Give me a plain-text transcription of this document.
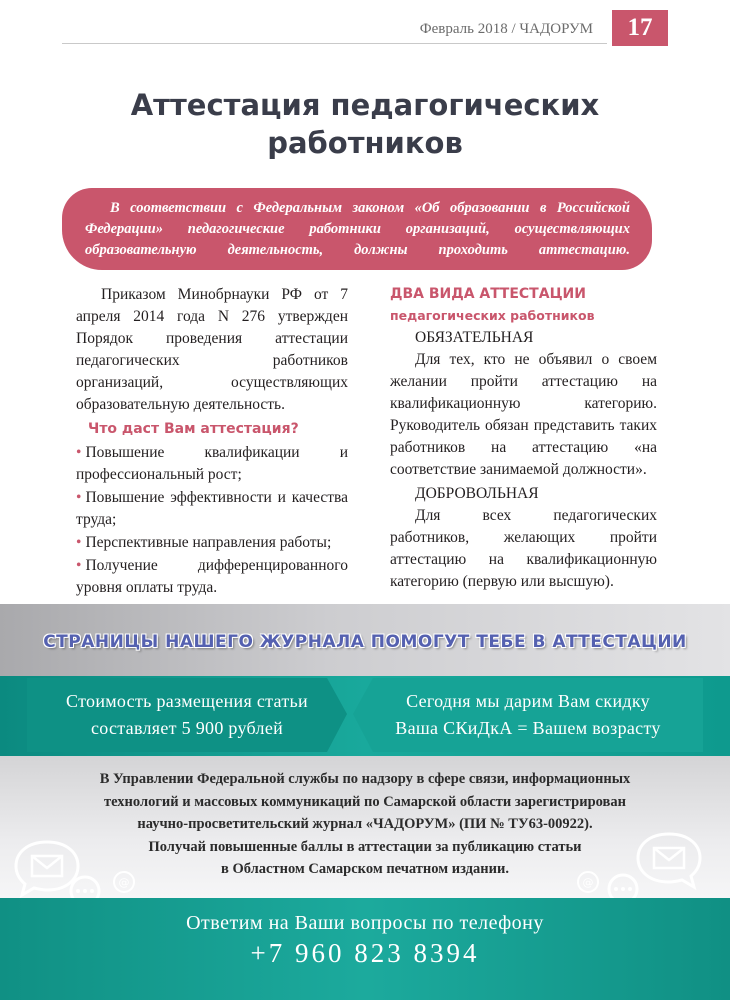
Февраль 2018 / ЧАДОРУМ	17
Аттестация педагогических
работников
В соответствии с Федеральным законом «Об образовании в Российской Федерации» педагогические работники организаций, осуществляющих образовательную деятельность, должны проходить аттестацию.

Приказом Минобрнауки РФ от 7 апреля 2014 года N 276 утвержден Порядок проведения аттестации педагогических работников организаций, осуществляющих образовательную деятельность.

Что даст Вам аттестация?
• Повышение квалификации и профессиональный рост;
• Повышение эффективности и качества труда;
• Перспективные направления работы;
• Получение дифференцированного уровня оплаты труда.
ДВА ВИДА АТТЕСТАЦИИ педагогических работников

ОБЯЗАТЕЛЬНАЯ

Для тех, кто не объявил о своем желании пройти аттестацию на квалификационную категорию. Руководитель обязан представить таких работников на аттестацию «на соответствие занимаемой должности».

ДОБРОВОЛЬНАЯ

Для всех педагогических работников, желающих пройти аттестацию на квалификационную категорию (первую или высшую).

СТРАНИЦЫ НАШЕГО ЖУРНАЛА ПОМОГУТ ТЕБЕ В АТТЕСТАЦИИ
Стоимость размещения статьи
составляет 5 900 рублей
Сегодня мы дарим Вам скидку
Ваша СКиДкА = Вашем возрасту
В Управлении Федеральной службы по надзору в сфере связи, информационных
технологий и массовых коммуникаций по Самарской области зарегистрирован
научно-просветительский журнал «ЧАДОРУМ» (ПИ № ТУ63-00922).
Получай повышенные баллы в аттестации за публикацию статьи
в Областном Самарском печатном издании.
@	@
Ответим на Ваши вопросы по телефону
+7 960 823 8394
